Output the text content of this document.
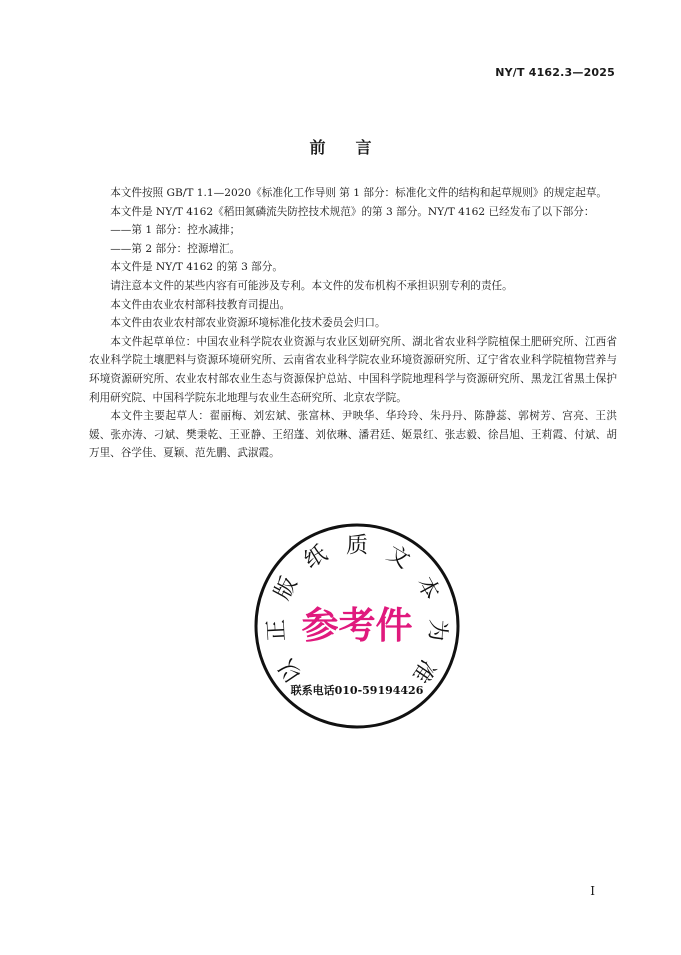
NY/T 4162.3—2025
前 言

本文件按照 GB/T 1.1—2020《标准化工作导则 第 1 部分：标准化文件的结构和起草规则》的规定起草。

本文件是 NY/T 4162《稻田氮磷流失防控技术规范》的第 3 部分。NY/T 4162 已经发布了以下部分：

——第 1 部分：控水减排；

——第 2 部分：控源增汇。

本文件是 NY/T 4162 的第 3 部分。

请注意本文件的某些内容有可能涉及专利。本文件的发布机构不承担识别专利的责任。

本文件由农业农村部科技教育司提出。

本文件由农业农村部农业资源环境标准化技术委员会归口。

本文件起草单位：中国农业科学院农业资源与农业区划研究所、湖北省农业科学院植保土肥研究所、江西省农业科学院土壤肥料与资源环境研究所、云南省农业科学院农业环境资源研究所、辽宁省农业科学院植物营养与环境资源研究所、农业农村部农业生态与资源保护总站、中国科学院地理科学与资源研究所、黑龙江省黑土保护利用研究院、中国科学院东北地理与农业生态研究所、北京农学院。

本文件主要起草人：翟丽梅、刘宏斌、张富林、尹映华、华玲玲、朱丹丹、陈静蕊、郭树芳、宫亮、王洪媛、张亦涛、刁斌、樊秉乾、王亚静、王绍蓬、刘依琳、潘君廷、姬景红、张志毅、徐昌旭、王莉霞、付斌、胡万里、谷学佳、夏颖、范先鹏、武淑霞。

以
正
版
纸 质 文
本
为
准
参考件
联系电话010-59194426
I
